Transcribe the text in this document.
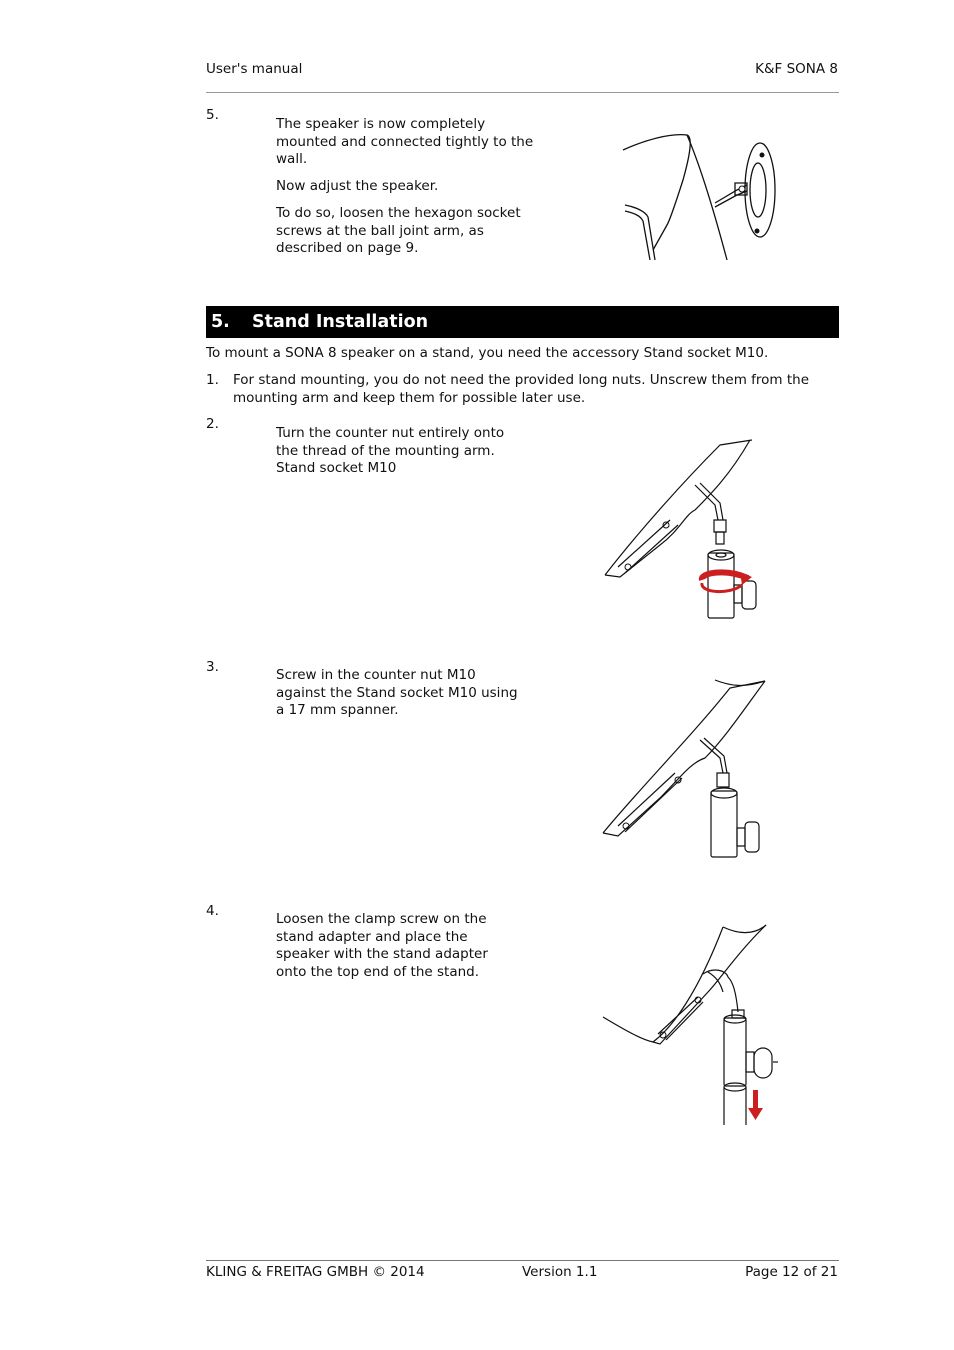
User's manual	K&F SONA 8
5.

The speaker is now completely mounted and connected tightly to the wall.

Now adjust the speaker.

To do so, loosen the hexagon socket screws at the ball joint arm, as described on page 9.

5. Stand Installation
To mount a SONA 8 speaker on a stand, you need the accessory Stand socket M10.
1. For stand mounting, you do not need the provided long nuts. Unscrew them from the mounting arm and keep them for possible later use.
2.
Turn the counter nut entirely onto the thread of the mounting arm. Stand socket M10
3.	Screw in the counter nut M10 against the Stand socket M10 using a 17 mm spanner.
4.	Loosen the clamp screw on the stand adapter and place the speaker with the stand adapter onto the top end of the stand.
KLING & FREITAG GMBH © 2014	Version 1.1	Page 12 of 21
